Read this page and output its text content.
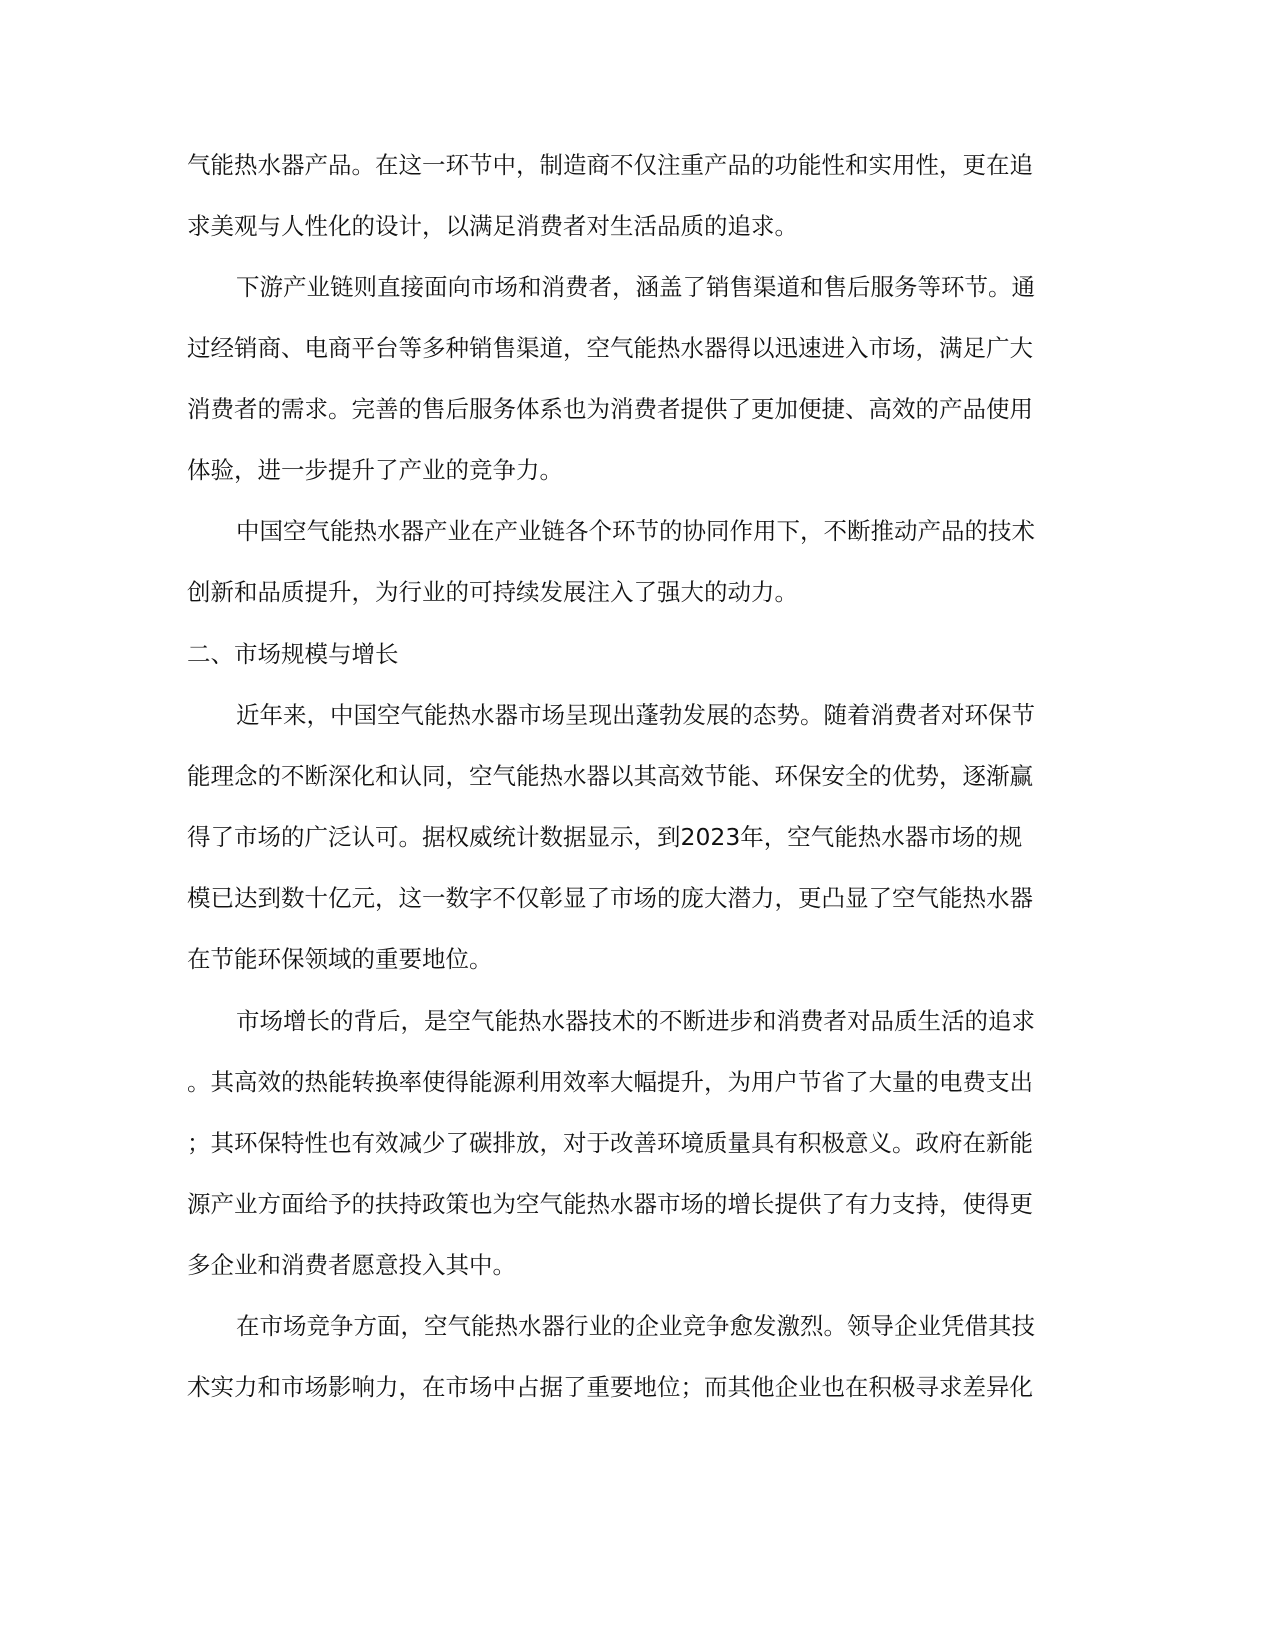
气能热水器产品。在这一环节中，制造商不仅注重产品的功能性和实用性，更在追
求美观与人性化的设计，以满足消费者对生活品质的追求。
下游产业链则直接面向市场和消费者，涵盖了销售渠道和售后服务等环节。通
过经销商、电商平台等多种销售渠道，空气能热水器得以迅速进入市场，满足广大
消费者的需求。完善的售后服务体系也为消费者提供了更加便捷、高效的产品使用
体验，进一步提升了产业的竞争力。
中国空气能热水器产业在产业链各个环节的协同作用下，不断推动产品的技术
创新和品质提升，为行业的可持续发展注入了强大的动力。
二、市场规模与增长
近年来，中国空气能热水器市场呈现出蓬勃发展的态势。随着消费者对环保节
能理念的不断深化和认同，空气能热水器以其高效节能、环保安全的优势，逐渐赢
得了市场的广泛认可。据权威统计数据显示，到2023年，空气能热水器市场的规
模已达到数十亿元，这一数字不仅彰显了市场的庞大潜力，更凸显了空气能热水器
在节能环保领域的重要地位。
市场增长的背后，是空气能热水器技术的不断进步和消费者对品质生活的追求
。其高效的热能转换率使得能源利用效率大幅提升，为用户节省了大量的电费支出
；其环保特性也有效减少了碳排放，对于改善环境质量具有积极意义。政府在新能
源产业方面给予的扶持政策也为空气能热水器市场的增长提供了有力支持，使得更
多企业和消费者愿意投入其中。
在市场竞争方面，空气能热水器行业的企业竞争愈发激烈。领导企业凭借其技
术实力和市场影响力，在市场中占据了重要地位；而其他企业也在积极寻求差异化
